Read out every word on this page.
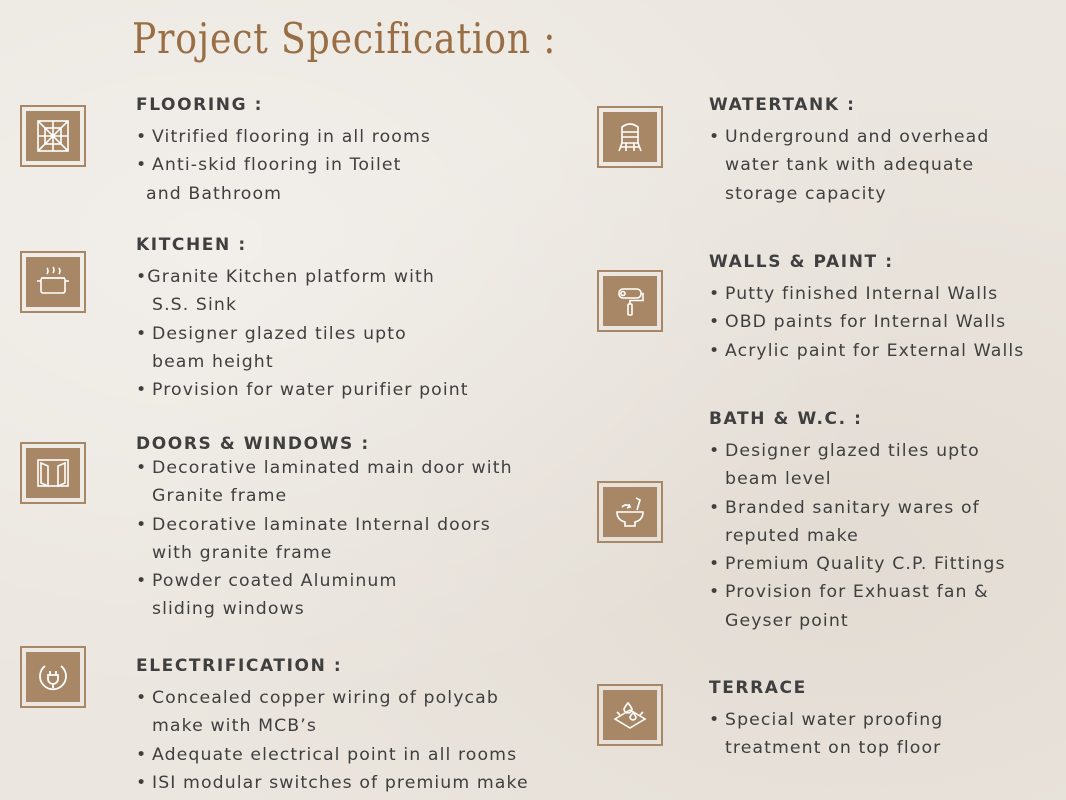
Project Specification :
FLOORING :
• Vitrified flooring in all rooms
• Anti-skid flooring in Toilet
and Bathroom
KITCHEN :
•Granite Kitchen platform with
S.S. Sink
• Designer glazed tiles upto
beam height
• Provision for water purifier point
DOORS & WINDOWS :
• Decorative laminated main door with
Granite frame
• Decorative laminate Internal doors
with granite frame
• Powder coated Aluminum
sliding windows
ELECTRIFICATION :
• Concealed copper wiring of polycab
make with MCB’s
• Adequate electrical point in all rooms
• ISI modular switches of premium make
WATERTANK :
• Underground and overhead
water tank with adequate
storage capacity
WALLS & PAINT :
• Putty finished Internal Walls
• OBD paints for Internal Walls
• Acrylic paint for External Walls
BATH & W.C. :
• Designer glazed tiles upto
beam level
• Branded sanitary wares of
reputed make
• Premium Quality C.P. Fittings
• Provision for Exhuast fan &
Geyser point
TERRACE
• Special water proofing
treatment on top floor
